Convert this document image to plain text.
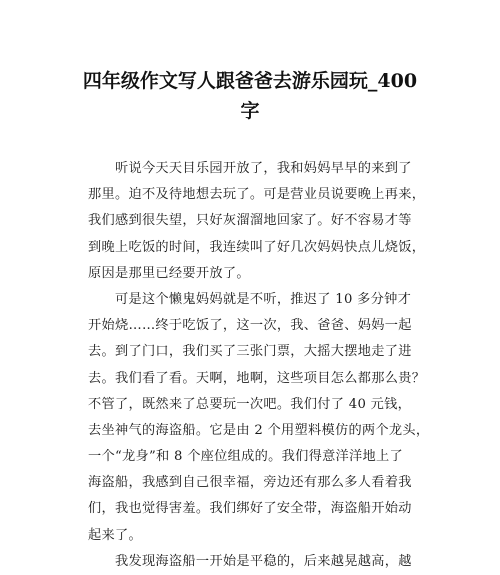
四年级作文写人跟爸爸去游乐园玩_400
字
　　听说今天天目乐园开放了，我和妈妈早早的来到了
那里。迫不及待地想去玩了。可是营业员说要晚上再来，
我们感到很失望，只好灰溜溜地回家了。好不容易才等
到晚上吃饭的时间，我连续叫了好几次妈妈快点儿烧饭，
原因是那里已经要开放了。
　　可是这个懒鬼妈妈就是不听，推迟了 10 多分钟才
开始烧……终于吃饭了，这一次，我、爸爸、妈妈一起
去。到了门口，我们买了三张门票，大摇大摆地走了进
去。我们看了看。天啊，地啊，这些项目怎么都那么贵？
不管了，既然来了总要玩一次吧。我们付了 40 元钱，
去坐神气的海盗船。它是由 2 个用塑料模仿的两个龙头，
一个“龙身”和 8 个座位组成的。我们得意洋洋地上了
海盗船，我感到自己很幸福，旁边还有那么多人看着我
们，我也觉得害羞。我们绑好了安全带，海盗船开始动
起来了。
　　我发现海盗船一开始是平稳的，后来越晃越高，越
